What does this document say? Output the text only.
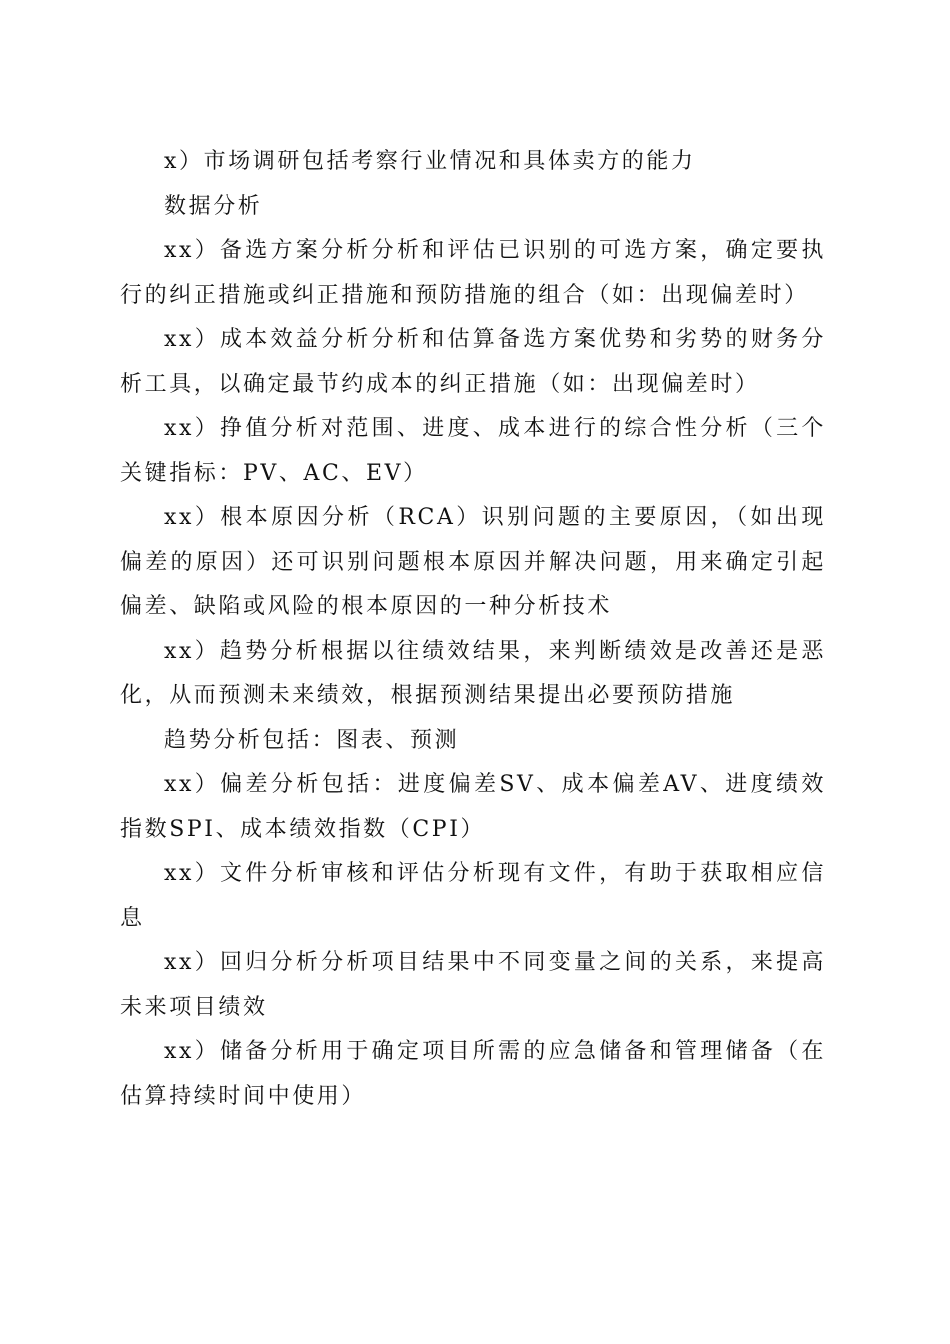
x）市场调研包括考察行业情况和具体卖方的能力

数据分析

xx）备选方案分析分析和评估已识别的可选方案，确定要执行的纠正措施或纠正措施和预防措施的组合（如：出现偏差时）

xx）成本效益分析分析和估算备选方案优势和劣势的财务分析工具，以确定最节约成本的纠正措施（如：出现偏差时）

xx）挣值分析对范围、进度、成本进行的综合性分析（三个关键指标：PV、AC、EV）

xx）根本原因分析（RCA）识别问题的主要原因，（如出现偏差的原因）还可识别问题根本原因并解决问题，用来确定引起偏差、缺陷或风险的根本原因的一种分析技术

xx）趋势分析根据以往绩效结果，来判断绩效是改善还是恶化，从而预测未来绩效，根据预测结果提出必要预防措施

趋势分析包括：图表、预测

xx）偏差分析包括：进度偏差SV、成本偏差AV、进度绩效指数SPI、成本绩效指数（CPI）

xx）文件分析审核和评估分析现有文件，有助于获取相应信息

xx）回归分析分析项目结果中不同变量之间的关系，来提高未来项目绩效

xx）储备分析用于确定项目所需的应急储备和管理储备（在估算持续时间中使用）
